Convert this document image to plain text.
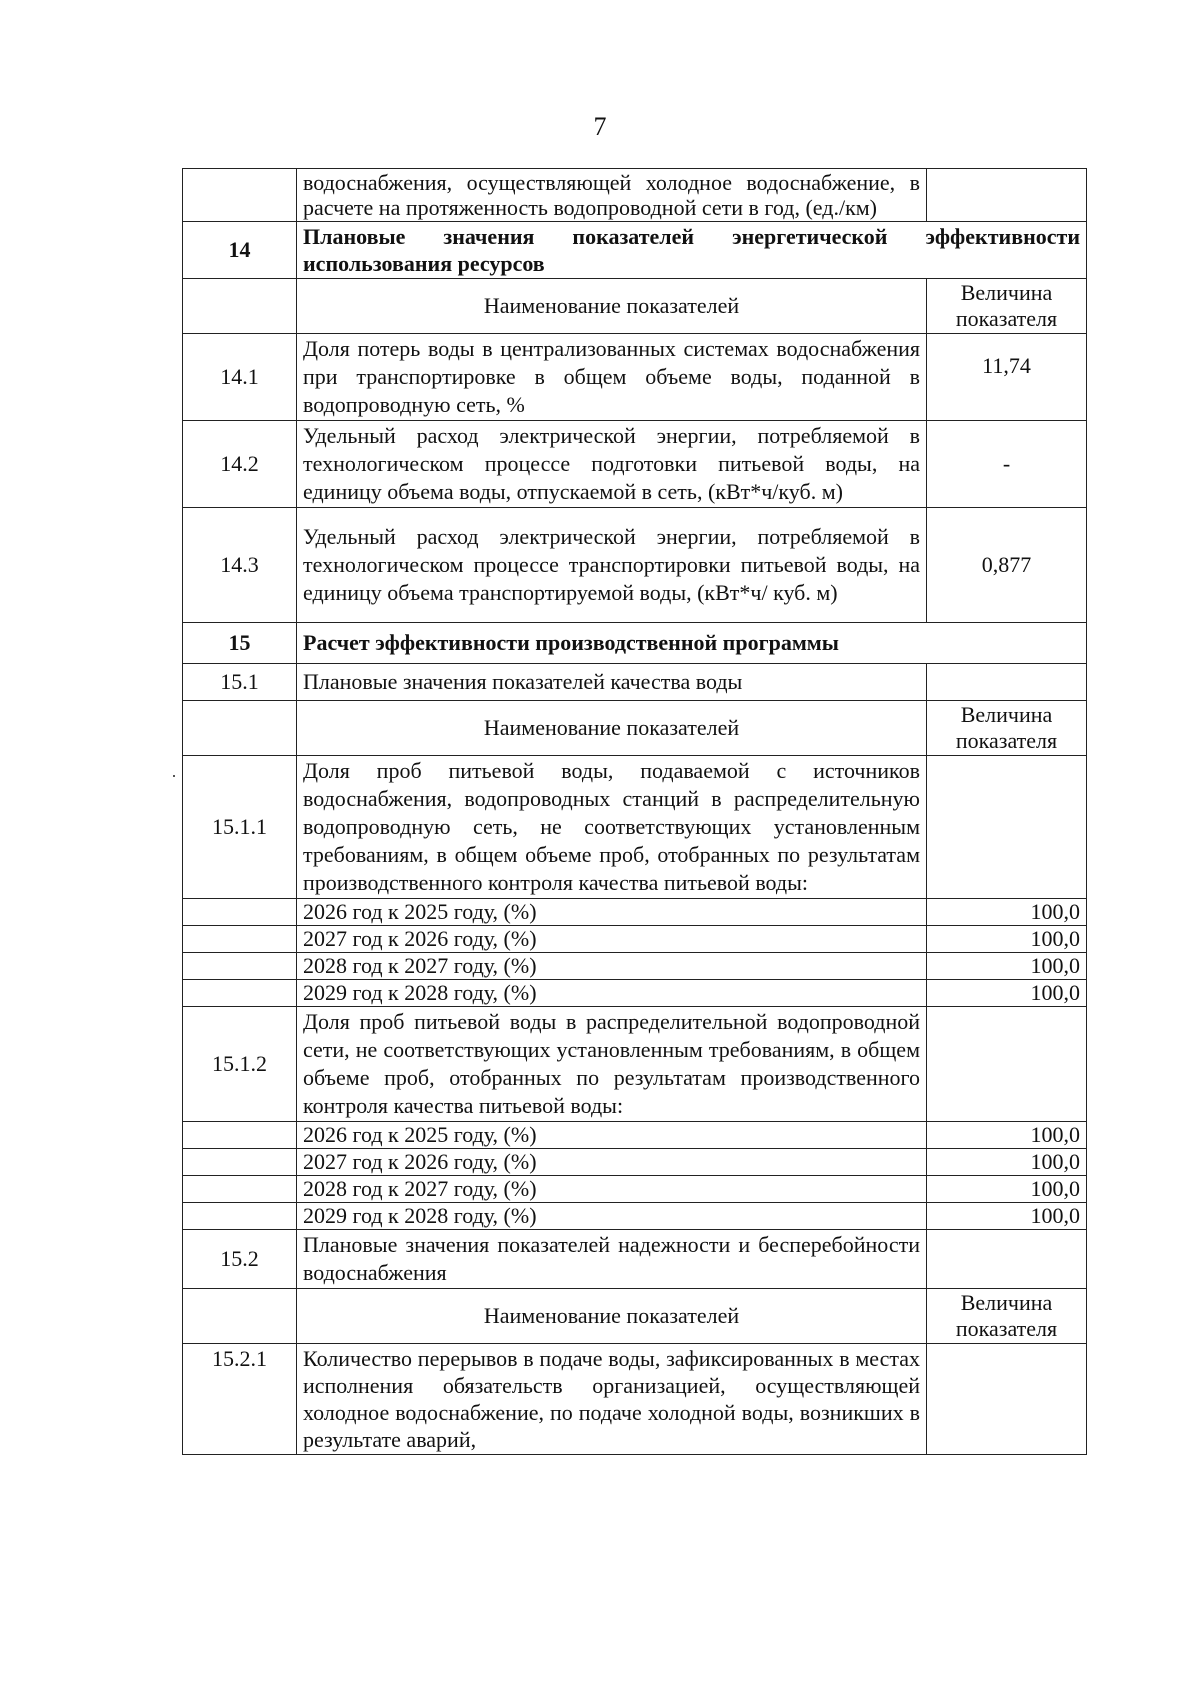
7
	водоснабжения, осуществляющей холодное водоснабжение, в расчете на протяженность водопроводной сети в год, (ед./км)	
14	Плановые значения показателей энергетической эффективности использования ресурсов	
	Наименование показателей	Величина показателя
14.1	Доля потерь воды в централизованных системах водоснабжения при транспортировке в общем объеме воды, поданной в водопроводную сеть, %	11,74
14.2	Удельный расход электрической энергии, потребляемой в технологическом процессе подготовки питьевой воды, на единицу объема воды, отпускаемой в сеть, (кВт*ч/куб. м)	-
14.3	Удельный расход электрической энергии, потребляемой в технологическом процессе транспортировки питьевой воды, на единицу объема транспортируемой воды, (кВт*ч/ куб. м)	0,877
15	Расчет эффективности производственной программы	
15.1	Плановые значения показателей качества воды	
	Наименование показателей	Величина показателя
15.1.1	Доля проб питьевой воды, подаваемой с источников водоснабжения, водопроводных станций в распределительную водопроводную сеть, не соответствующих установленным требованиям, в общем объеме проб, отобранных по результатам производственного контроля качества питьевой воды:	
	2026 год к 2025 году, (%)	100,0
	2027 год к 2026 году, (%)	100,0
	2028 год к 2027 году, (%)	100,0
	2029 год к 2028 году, (%)	100,0
15.1.2	Доля проб питьевой воды в распределительной водопроводной сети, не соответствующих установленным требованиям, в общем объеме проб, отобранных по результатам производственного контроля качества питьевой воды:	
	2026 год к 2025 году, (%)	100,0
	2027 год к 2026 году, (%)	100,0
	2028 год к 2027 году, (%)	100,0
	2029 год к 2028 году, (%)	100,0
15.2	Плановые значения показателей надежности и бесперебойности водоснабжения	
	Наименование показателей	Величина показателя
15.2.1	Количество перерывов в подаче воды, зафиксированных в местах исполнения обязательств организацией, осуществляющей холодное водоснабжение, по подаче холодной воды, возникших в результате аварий,	
